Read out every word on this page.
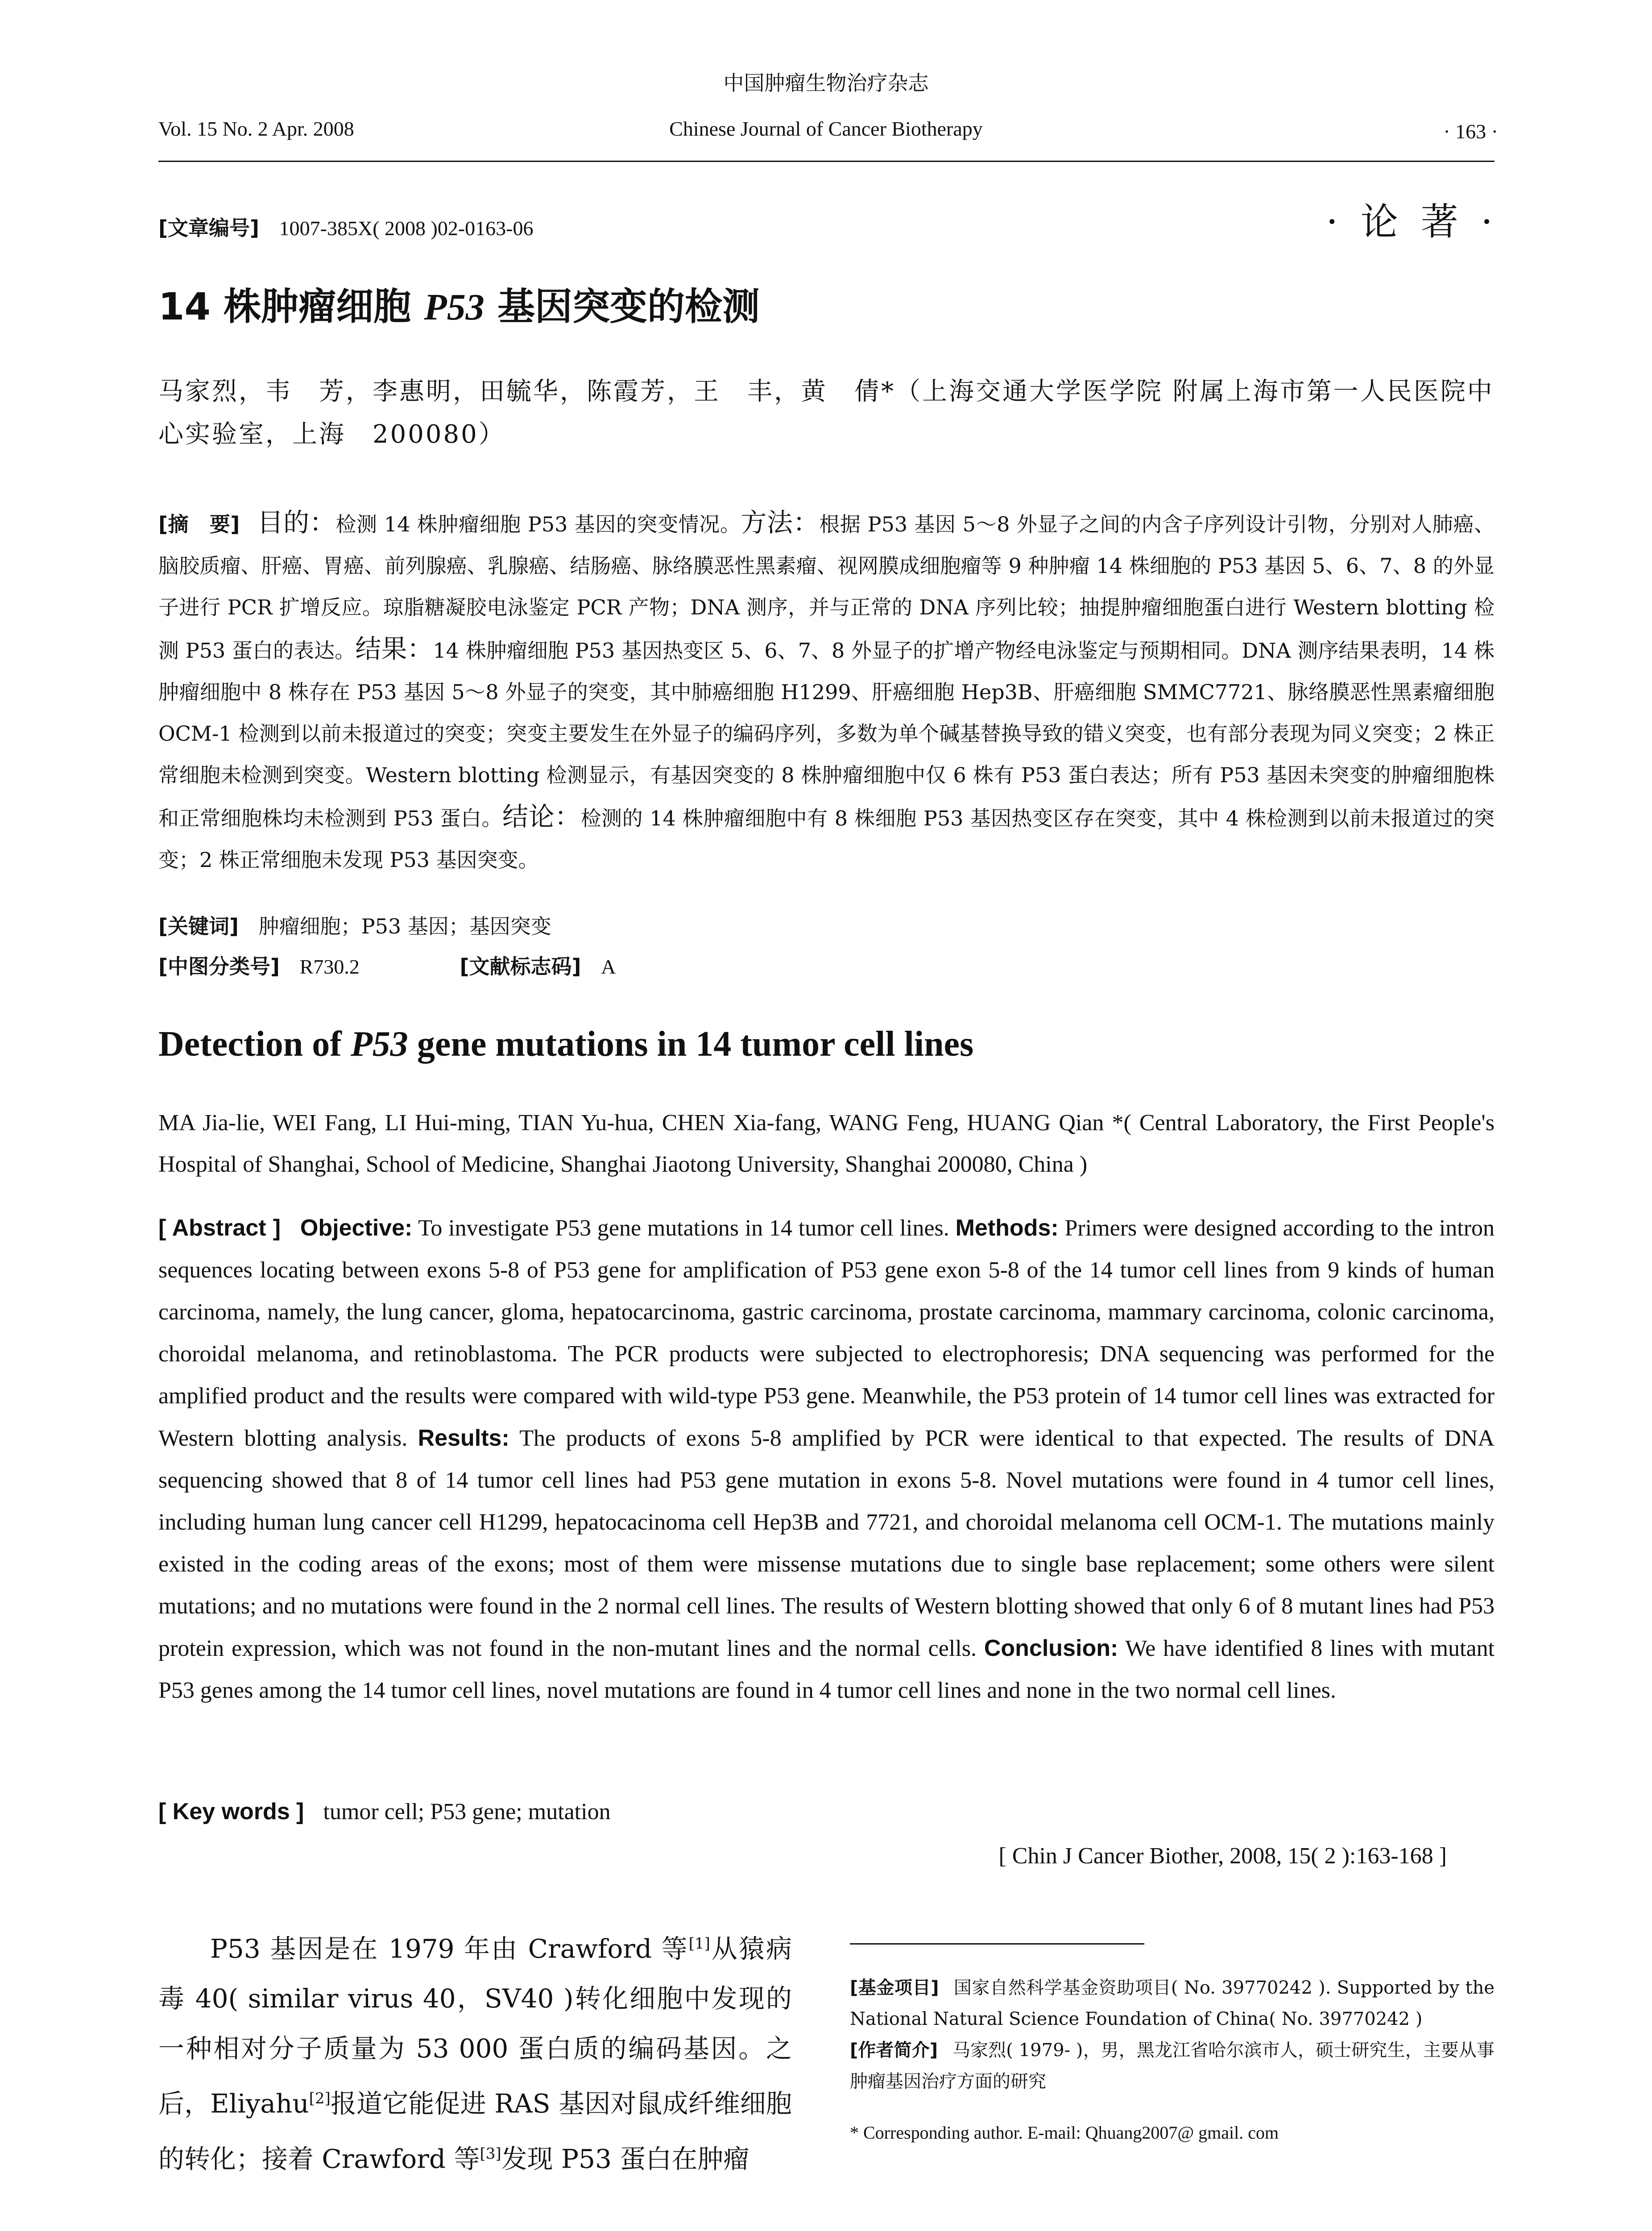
中国肿瘤生物治疗杂志
Vol. 15 No. 2 Apr. 2008	Chinese Journal of Cancer Biotherapy	· 163 ·
[文章编号] 1007-385X( 2008 )02-0163-06	· 论 著 ·
14 株肿瘤细胞 P53 基因突变的检测
马家烈，韦　芳，李惠明，田毓华，陈霞芳，王　丰，黄　倩*（上海交通大学医学院 附属上海市第一人民医院中心实验室，上海　200080）
[摘　要] 目的：检测 14 株肿瘤细胞 P53 基因的突变情况。方法：根据 P53 基因 5～8 外显子之间的内含子序列设计引物，分别对人肺癌、脑胶质瘤、肝癌、胃癌、前列腺癌、乳腺癌、结肠癌、脉络膜恶性黑素瘤、视网膜成细胞瘤等 9 种肿瘤 14 株细胞的 P53 基因 5、6、7、8 的外显子进行 PCR 扩增反应。琼脂糖凝胶电泳鉴定 PCR 产物；DNA 测序，并与正常的 DNA 序列比较；抽提肿瘤细胞蛋白进行 Western blotting 检测 P53 蛋白的表达。结果：14 株肿瘤细胞 P53 基因热变区 5、6、7、8 外显子的扩增产物经电泳鉴定与预期相同。DNA 测序结果表明，14 株肿瘤细胞中 8 株存在 P53 基因 5～8 外显子的突变，其中肺癌细胞 H1299、肝癌细胞 Hep3B、肝癌细胞 SMMC7721、脉络膜恶性黑素瘤细胞 OCM-1 检测到以前未报道过的突变；突变主要发生在外显子的编码序列，多数为单个碱基替换导致的错义突变，也有部分表现为同义突变；2 株正常细胞未检测到突变。Western blotting 检测显示，有基因突变的 8 株肿瘤细胞中仅 6 株有 P53 蛋白表达；所有 P53 基因未突变的肿瘤细胞株和正常细胞株均未检测到 P53 蛋白。结论：检测的 14 株肿瘤细胞中有 8 株细胞 P53 基因热变区存在突变，其中 4 株检测到以前未报道过的突变；2 株正常细胞未发现 P53 基因突变。
[关键词] 肿瘤细胞；P53 基因；基因突变
[中图分类号] R730.2	[文献标志码] A
Detection of P53 gene mutations in 14 tumor cell lines
MA Jia-lie, WEI Fang, LI Hui-ming, TIAN Yu-hua, CHEN Xia-fang, WANG Feng, HUANG Qian *( Central Laboratory, the First People's Hospital of Shanghai, School of Medicine, Shanghai Jiaotong University, Shanghai 200080, China )
[ Abstract ] Objective: To investigate P53 gene mutations in 14 tumor cell lines. Methods: Primers were designed according to the intron sequences locating between exons 5-8 of P53 gene for amplification of P53 gene exon 5-8 of the 14 tumor cell lines from 9 kinds of human carcinoma, namely, the lung cancer, gloma, hepatocarcinoma, gastric carcinoma, prostate carcinoma, mammary carcinoma, colonic carcinoma, choroidal melanoma, and retinoblastoma. The PCR products were subjected to electrophoresis; DNA sequencing was performed for the amplified product and the results were compared with wild-type P53 gene. Meanwhile, the P53 protein of 14 tumor cell lines was extracted for Western blotting analysis. Results: The products of exons 5-8 amplified by PCR were identical to that expected. The results of DNA sequencing showed that 8 of 14 tumor cell lines had P53 gene mutation in exons 5-8. Novel mutations were found in 4 tumor cell lines, including human lung cancer cell H1299, hepatocacinoma cell Hep3B and 7721, and choroidal melanoma cell OCM-1. The mutations mainly existed in the coding areas of the exons; most of them were missense mutations due to single base replacement; some others were silent mutations; and no mutations were found in the 2 normal cell lines. The results of Western blotting showed that only 6 of 8 mutant lines had P53 protein expression, which was not found in the non-mutant lines and the normal cells. Conclusion: We have identified 8 lines with mutant P53 genes among the 14 tumor cell lines, novel mutations are found in 4 tumor cell lines and none in the two normal cell lines.
[ Key words ] tumor cell; P53 gene; mutation
[ Chin J Cancer Biother, 2008, 15( 2 ):163-168 ]
P53 基因是在 1979 年由 Crawford 等[1]从猿病毒 40( similar virus 40，SV40 )转化细胞中发现的一种相对分子质量为 53 000 蛋白质的编码基因。之后，Eliyahu[2]报道它能促进 RAS 基因对鼠成纤维细胞的转化；接着 Crawford 等[3]发现 P53 蛋白在肿瘤
[基金项目] 国家自然科学基金资助项目( No. 39770242 ). Supported by the National Natural Science Foundation of China( No. 39770242 )
[作者简介] 马家烈( 1979- )，男，黑龙江省哈尔滨市人，硕士研究生，主要从事肿瘤基因治疗方面的研究
* Corresponding author. E-mail: Qhuang2007@ gmail. com
